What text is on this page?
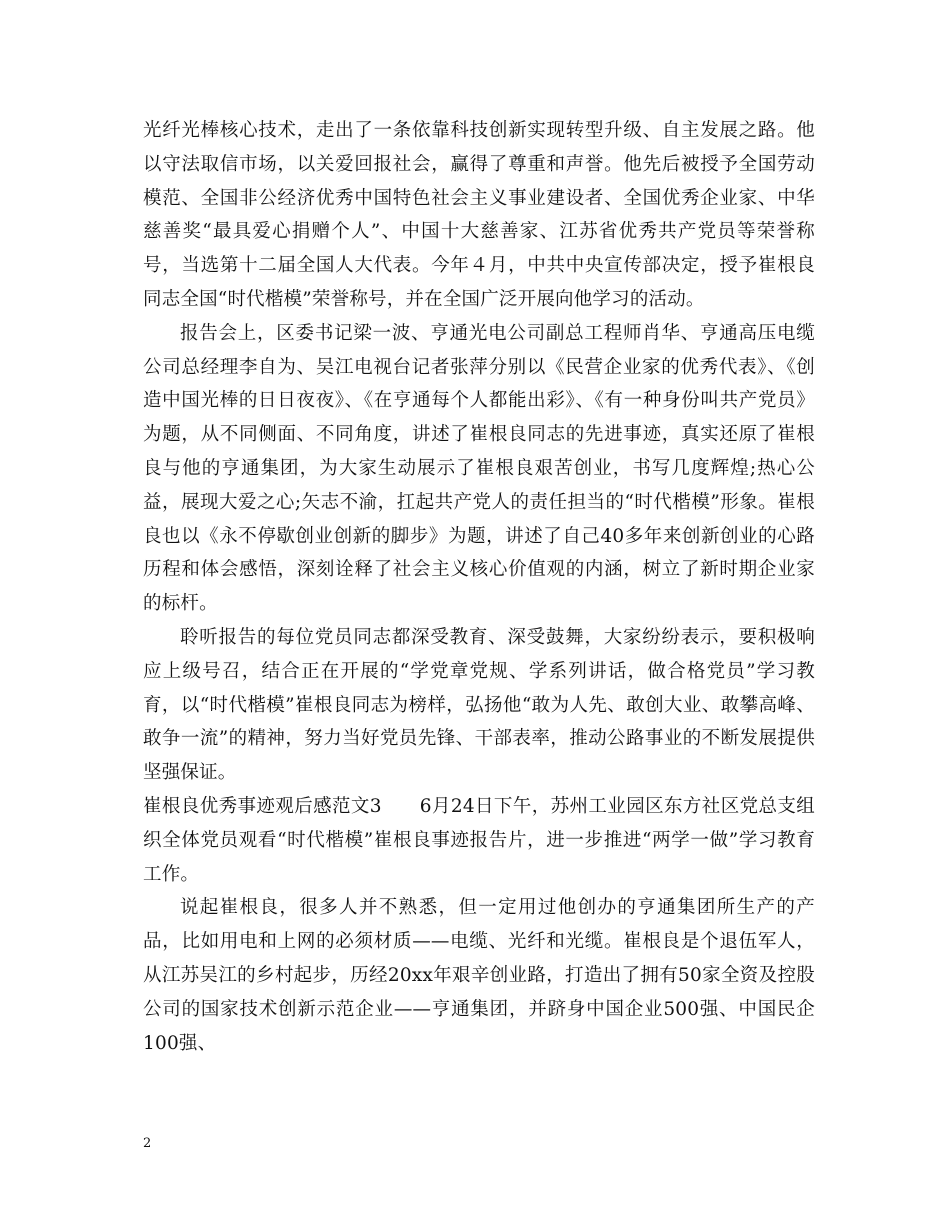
光纤光棒核心技术，走出了一条依靠科技创新实现转型升级、自主发展之路。他以守法取信市场，以关爱回报社会，赢得了尊重和声誉。他先后被授予全国劳动模范、全国非公经济优秀中国特色社会主义事业建设者、全国优秀企业家、中华慈善奖“最具爱心捐赠个人”、中国十大慈善家、江苏省优秀共产党员等荣誉称号，当选第十二届全国人大代表。今年４月，中共中央宣传部决定，授予崔根良同志全国“时代楷模”荣誉称号，并在全国广泛开展向他学习的活动。

报告会上，区委书记梁一波、亨通光电公司副总工程师肖华、亨通高压电缆公司总经理李自为、吴江电视台记者张萍分别以《民营企业家的优秀代表》、《创造中国光棒的日日夜夜》、《在亨通每个人都能出彩》、《有一种身份叫共产党员》为题，从不同侧面、不同角度，讲述了崔根良同志的先进事迹，真实还原了崔根良与他的亨通集团，为大家生动展示了崔根良艰苦创业，书写几度辉煌;热心公益，展现大爱之心;矢志不渝，扛起共产党人的责任担当的“时代楷模”形象。崔根良也以《永不停歇创业创新的脚步》为题，讲述了自己40多年来创新创业的心路历程和体会感悟，深刻诠释了社会主义核心价值观的内涵，树立了新时期企业家的标杆。

聆听报告的每位党员同志都深受教育、深受鼓舞，大家纷纷表示，要积极响应上级号召，结合正在开展的“学党章党规、学系列讲话，做合格党员”学习教育，以“时代楷模”崔根良同志为榜样，弘扬他“敢为人先、敢创大业、敢攀高峰、敢争一流”的精神，努力当好党员先锋、干部表率，推动公路事业的不断发展提供坚强保证。

崔根良优秀事迹观后感范文3　　6月24日下午，苏州工业园区东方社区党总支组织全体党员观看“时代楷模”崔根良事迹报告片，进一步推进“两学一做”学习教育工作。

说起崔根良，很多人并不熟悉，但一定用过他创办的亨通集团所生产的产品，比如用电和上网的必须材质——电缆、光纤和光缆。崔根良是个退伍军人，从江苏吴江的乡村起步，历经20xx年艰辛创业路，打造出了拥有50家全资及控股公司的国家技术创新示范企业——亨通集团，并跻身中国企业500强、中国民企100强、

2
